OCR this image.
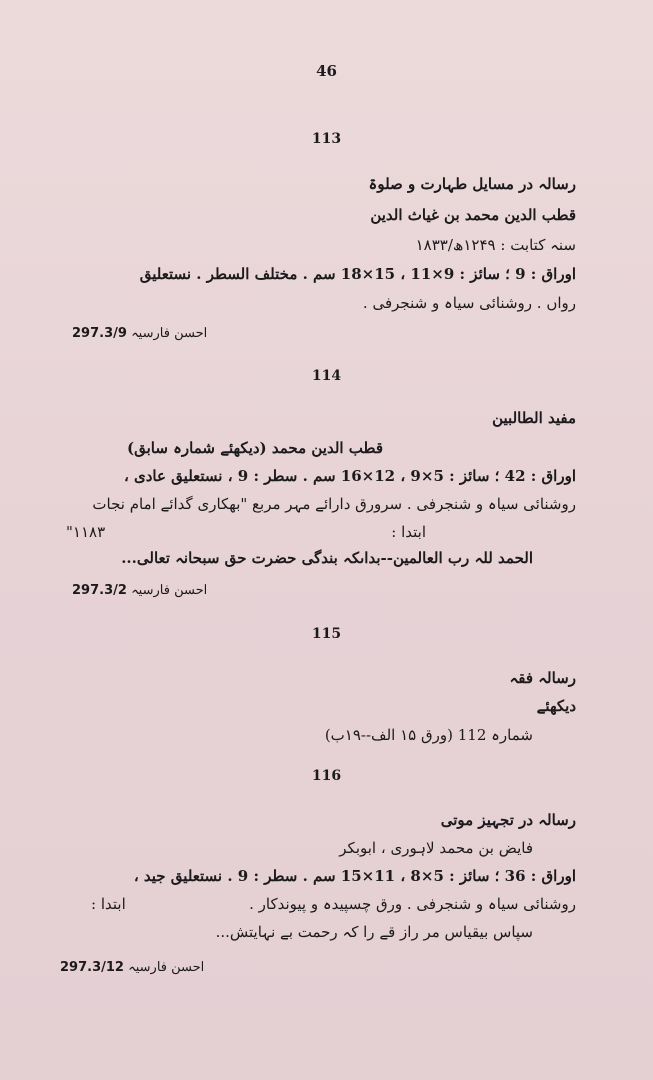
46
113
رسالہ در مسایل طہارت و صلوۃ
قطب الدین محمد بن غیاث الدین
سنہ کتابت : ۱۲۴۹ھ/۱۸۳۳
اوراق : 9 ؛ سائز : 9×11 ، 15×18 سم . مختلف السطر . نستعلیق
رواں . روشنائی سیاہ و شنجرفی .
297.3/9 احسن فارسیہ
114
مفید الطالبین
قطب الدین محمد (دیکھئے شمارہ سابق)
اوراق : 42 ؛ سائز : 5×9 ، 12×16 سم . سطر : 9 ، نستعلیق عادی ،
روشنائی سیاہ و شنجرفی . سرورق دارائے مہر مربع "بھکاری گدائے امام نجات
۱۱۸۳"	ابتدا :
الحمد للہ رب العالمین--بداںکہ بندگی حضرت حق سبحانہ تعالی...
297.3/2 احسن فارسیہ
115
رسالہ فقہ
دیکھئے
شمارہ 112 (ورق ۱۵ الف--۱۹ب)
116
رسالہ در تجہیز موتی
فایض بن محمد لاہوری ، ابوبکر
اوراق : 36 ؛ سائز : 5×8 ، 11×15 سم . سطر : 9 . نستعلیق جید ،
روشنائی سیاہ و شنجرفی . ورق چسپیدہ و پیوندکار .
ابتدا :
سپاس بیقیاس مر راز قے را کہ رحمت بے نہایتش...
297.3/12 احسن فارسیہ
